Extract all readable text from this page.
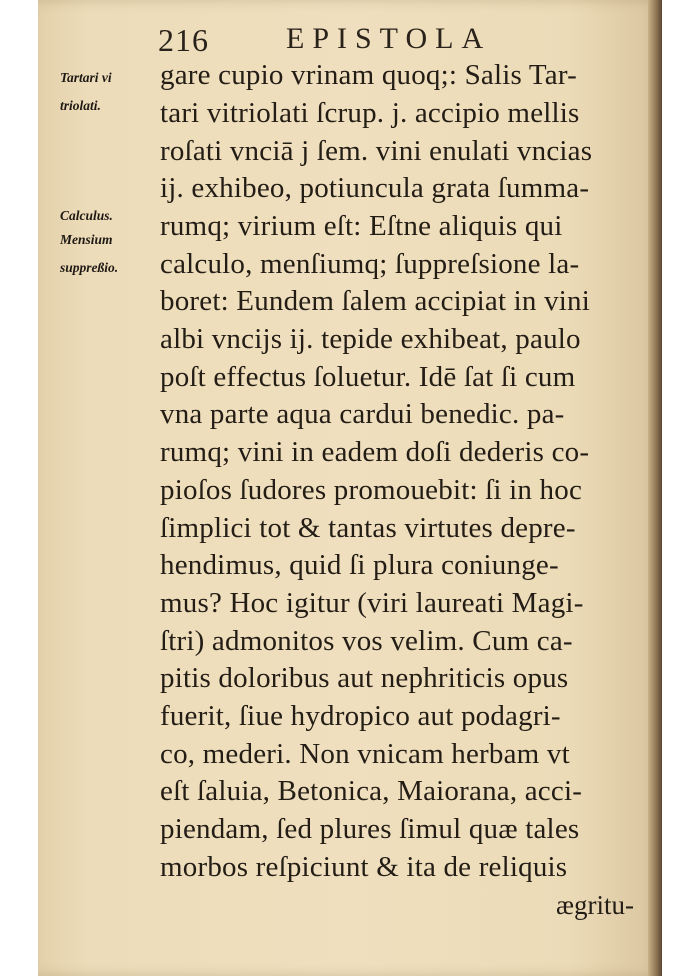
216	EPISTOLA
Tartari vi
triolati.
Calculus.
Mensium
suppreßio.
gare cupio vrinam quoq;: Salis Tar-
tari vitriolati ſcrup. j. accipio mellis
roſati vnciā j ſem. vini enulati vncias
ij. exhibeo, potiuncula grata ſumma-
rumq; virium eſt: Eſtne aliquis qui
calculo, menſiumq; ſuppreſsione la-
boret: Eundem ſalem accipiat in vini
albi vncijs ij. tepide exhibeat, paulo
poſt effectus ſoluetur. Idē ſat ſi cum
vna parte aqua cardui benedic. pa-
rumq; vini in eadem doſi dederis co-
pioſos ſudores promouebit: ſi in hoc
ſimplici tot & tantas virtutes depre-
hendimus, quid ſi plura coniunge-
mus? Hoc igitur (viri laureati Magi-
ſtri) admonitos vos velim. Cum ca-
pitis doloribus aut nephriticis opus
fuerit, ſiue hydropico aut podagri-
co, mederi. Non vnicam herbam vt
eſt ſaluia, Betonica, Maiorana, acci-
piendam, ſed plures ſimul quæ tales
morbos reſpiciunt & ita de reliquis
ægritu-
